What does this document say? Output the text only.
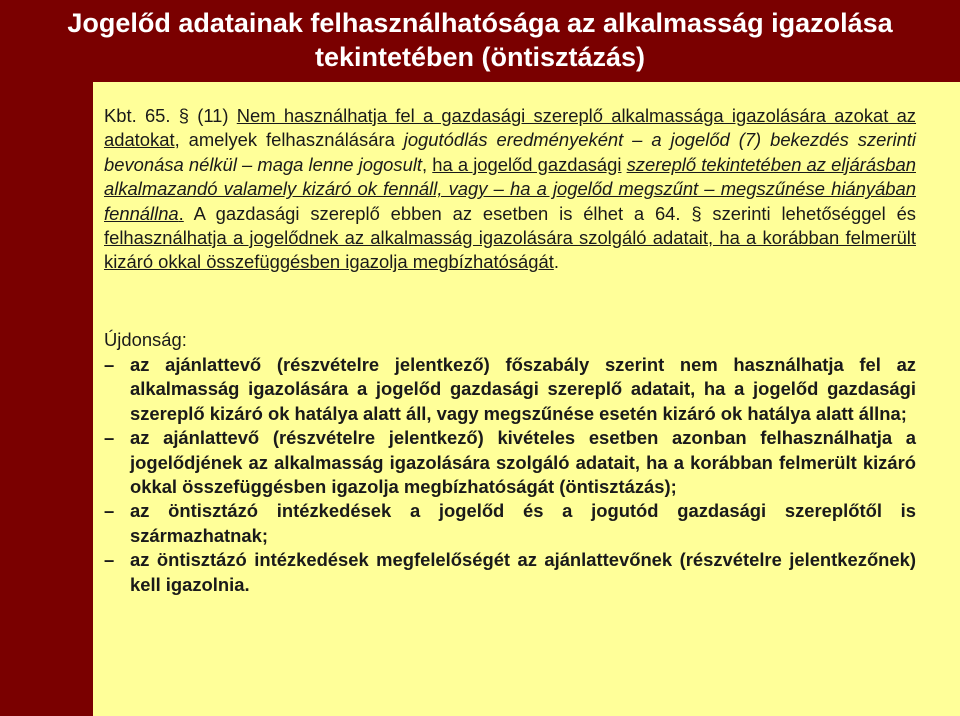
Jogelőd adatainak felhasználhatósága az alkalmasság igazolása
tekintetében (öntisztázás)
Kbt. 65. § (11) Nem használhatja fel a gazdasági szereplő alkalmassága igazolására azokat az adatokat, amelyek felhasználására jogutódlás eredményeként – a jogelőd (7) bekezdés szerinti bevonása nélkül – maga lenne jogosult, ha a jogelőd gazdasági szereplő tekintetében az eljárásban alkalmazandó valamely kizáró ok fennáll, vagy – ha a jogelőd megszűnt – megszűnése hiányában fennállna. A gazdasági szereplő ebben az esetben is élhet a 64. § szerinti lehetőséggel és felhasználhatja a jogelődnek az alkalmasság igazolására szolgáló adatait, ha a korábban felmerült kizáró okkal összefüggésben igazolja megbízhatóságát.
Újdonság:
– az ajánlattevő (részvételre jelentkező) főszabály szerint nem használhatja fel az alkalmasság igazolására a jogelőd gazdasági szereplő adatait, ha a jogelőd gazdasági szereplő kizáró ok hatálya alatt áll, vagy megszűnése esetén kizáró ok hatálya alatt állna;
– az ajánlattevő (részvételre jelentkező) kivételes esetben azonban felhasználhatja a jogelődjének az alkalmasság igazolására szolgáló adatait, ha a korábban felmerült kizáró okkal összefüggésben igazolja megbízhatóságát (öntisztázás);
– az öntisztázó intézkedések a jogelőd és a jogutód gazdasági szereplőtől is származhatnak;
– az öntisztázó intézkedések megfelelőségét az ajánlattevőnek (részvételre jelentkezőnek) kell igazolnia.
